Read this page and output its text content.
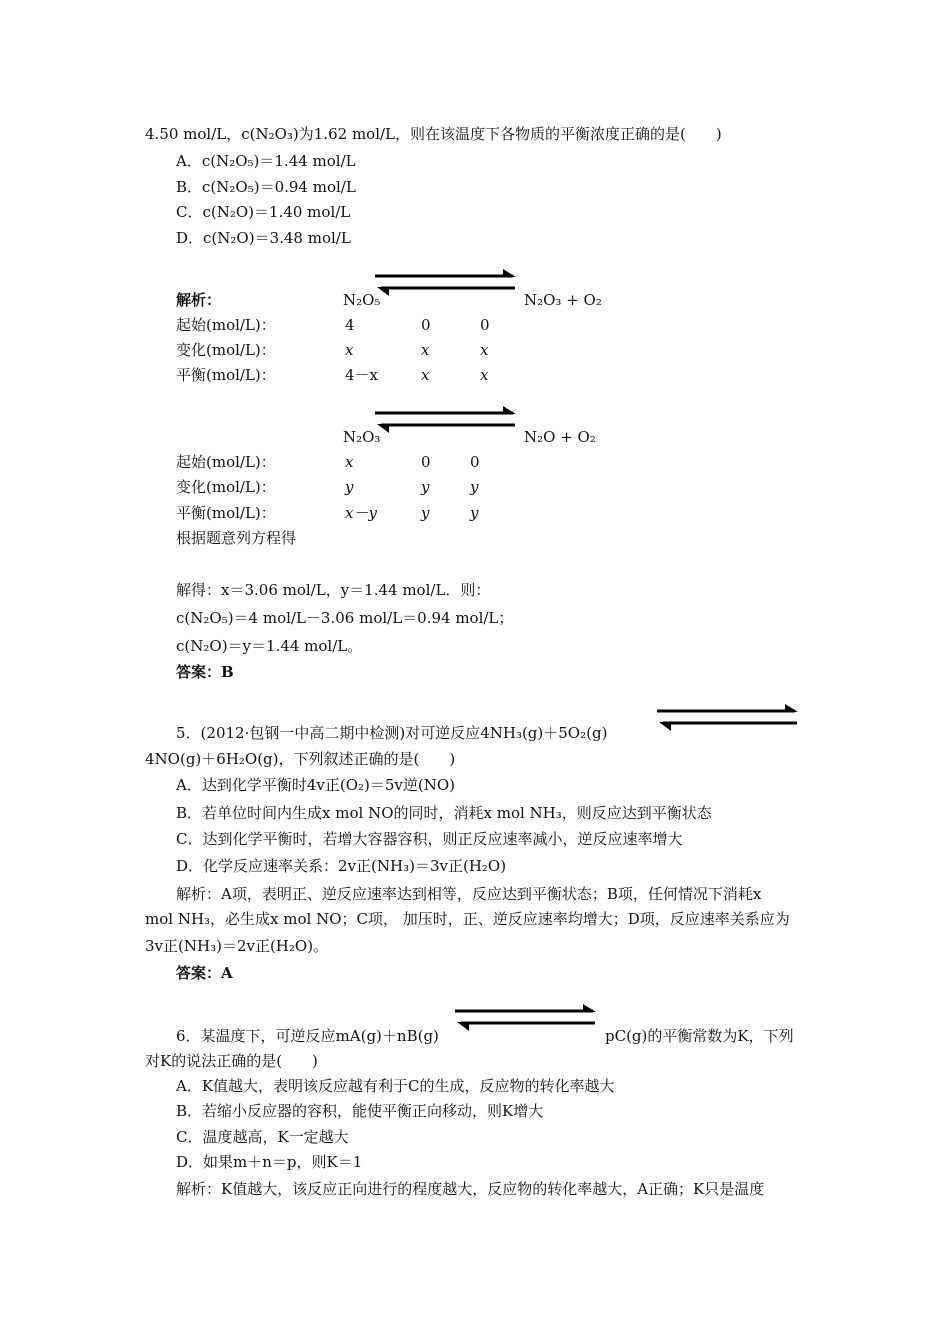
4.50 mol/L，c(N₂O₃)为1.62 mol/L，则在该温度下各物质的平衡浓度正确的是(　　)
A．c(N₂O₅)＝1.44 mol/L
B．c(N₂O₅)＝0.94 mol/L
C．c(N₂O)＝1.40 mol/L
D．c(N₂O)＝3.48 mol/L
解析：	N₂O₅	N₂O₃ + O₂
起始(mol/L)：	4	0	0
变化(mol/L)：	x	x	x
平衡(mol/L)：	4－x	x	x
N₂O₃	N₂O + O₂
起始(mol/L)：	x	0	0
变化(mol/L)：	y	y	y
平衡(mol/L)：	x－y	y	y
根据题意列方程得
解得：x＝3.06 mol/L，y＝1.44 mol/L．则：
c(N₂O₅)＝4 mol/L－3.06 mol/L＝0.94 mol/L；
c(N₂O)＝y＝1.44 mol/L。
答案：B
5．(2012·包钢一中高二期中检测)对可逆反应4NH₃(g)＋5O₂(g)
4NO(g)＋6H₂O(g)，下列叙述正确的是(　　)
A．达到化学平衡时4v正(O₂)＝5v逆(NO)
B．若单位时间内生成x mol NO的同时，消耗x mol NH₃，则反应达到平衡状态
C．达到化学平衡时，若增大容器容积，则正反应速率减小，逆反应速率增大
D．化学反应速率关系：2v正(NH₃)＝3v正(H₂O)
解析：A项，表明正、逆反应速率达到相等，反应达到平衡状态；B项，任何情况下消耗x
mol NH₃，必生成x mol NO；C项， 加压时，正、逆反应速率均增大；D项，反应速率关系应为
3v正(NH₃)＝2v正(H₂O)。
答案：A
6．某温度下，可逆反应mA(g)＋nB(g)	pC(g)的平衡常数为K，下列
对K的说法正确的是(　　)
A．K值越大，表明该反应越有利于C的生成，反应物的转化率越大
B．若缩小反应器的容积，能使平衡正向移动，则K增大
C．温度越高，K一定越大
D．如果m＋n＝p，则K＝1
解析：K值越大，该反应正向进行的程度越大，反应物的转化率越大，A正确；K只是温度
